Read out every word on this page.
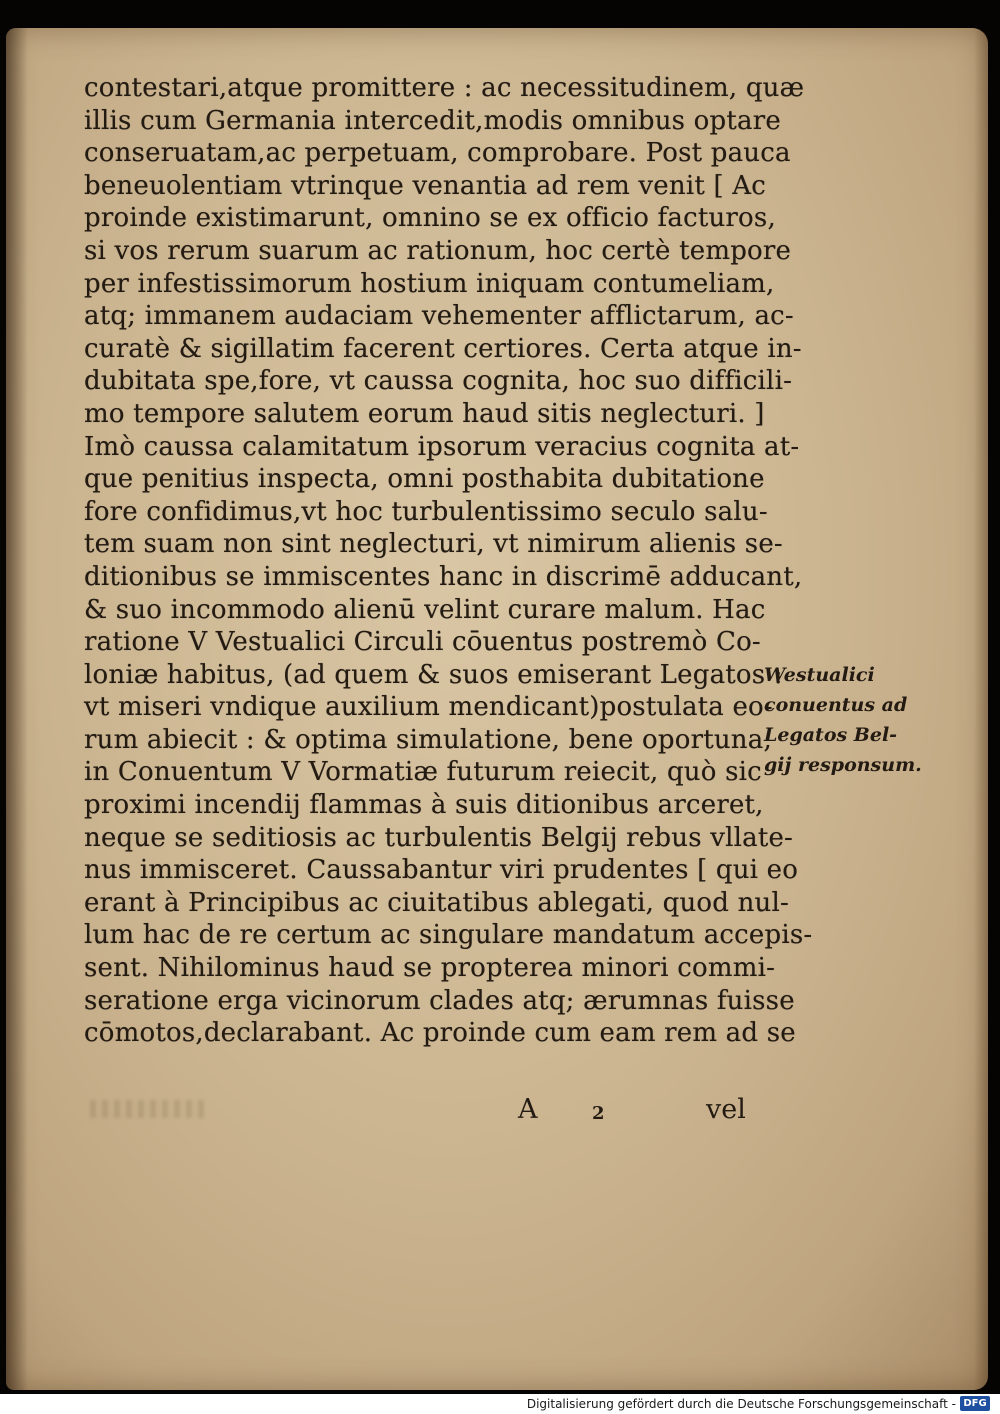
contestari,atque promittere : ac necessitudinem, quæ
illis cum Germania intercedit,modis omnibus optare
conseruatam,ac perpetuam, comprobare. Post pauca
beneuolentiam vtrinque venantia ad rem venit [ Ac
proinde existimarunt, omnino se ex officio facturos,
si vos rerum suarum ac rationum, hoc certè tempore
per infestissimorum hostium iniquam contumeliam,
atq; immanem audaciam vehementer afflictarum, ac-
curatè & sigillatim facerent certiores. Certa atque in-
dubitata spe,fore, vt caussa cognita, hoc suo difficili-
mo tempore salutem eorum haud sitis neglecturi. ]
Imò caussa calamitatum ipsorum veracius cognita at-
que penitius inspecta, omni posthabita dubitatione
fore confidimus,vt hoc turbulentissimo seculo salu-
tem suam non sint neglecturi, vt nimirum alienis se-
ditionibus se immiscentes hanc in discrimē adducant,
& suo incommodo alienū velint curare malum. Hac
ratione V Vestualici Circuli cōuentus postremò Co-
loniæ habitus, (ad quem & suos emiserant Legatos :
vt miseri vndique auxilium mendicant)postulata eo-
rum abiecit : & optima simulatione, bene oportuna,
in Conuentum V Vormatiæ futurum reiecit, quò sic
proximi incendij flammas à suis ditionibus arceret,
neque se seditiosis ac turbulentis Belgij rebus vllate-
nus immisceret. Caussabantur viri prudentes [ qui eo
erant à Principibus ac ciuitatibus ablegati, quod nul-
lum hac de re certum ac singulare mandatum accepis-
sent. Nihilominus haud se propterea minori commi-
seratione erga vicinorum clades atq; ærumnas fuisse
cōmotos,declarabant. Ac proinde cum eam rem ad se
Westualici
conuentus ad
Legatos Bel-
gij responsum.
A	2	vel
Digitalisierung gefördert durch die Deutsche Forschungsgemeinschaft - DFG
